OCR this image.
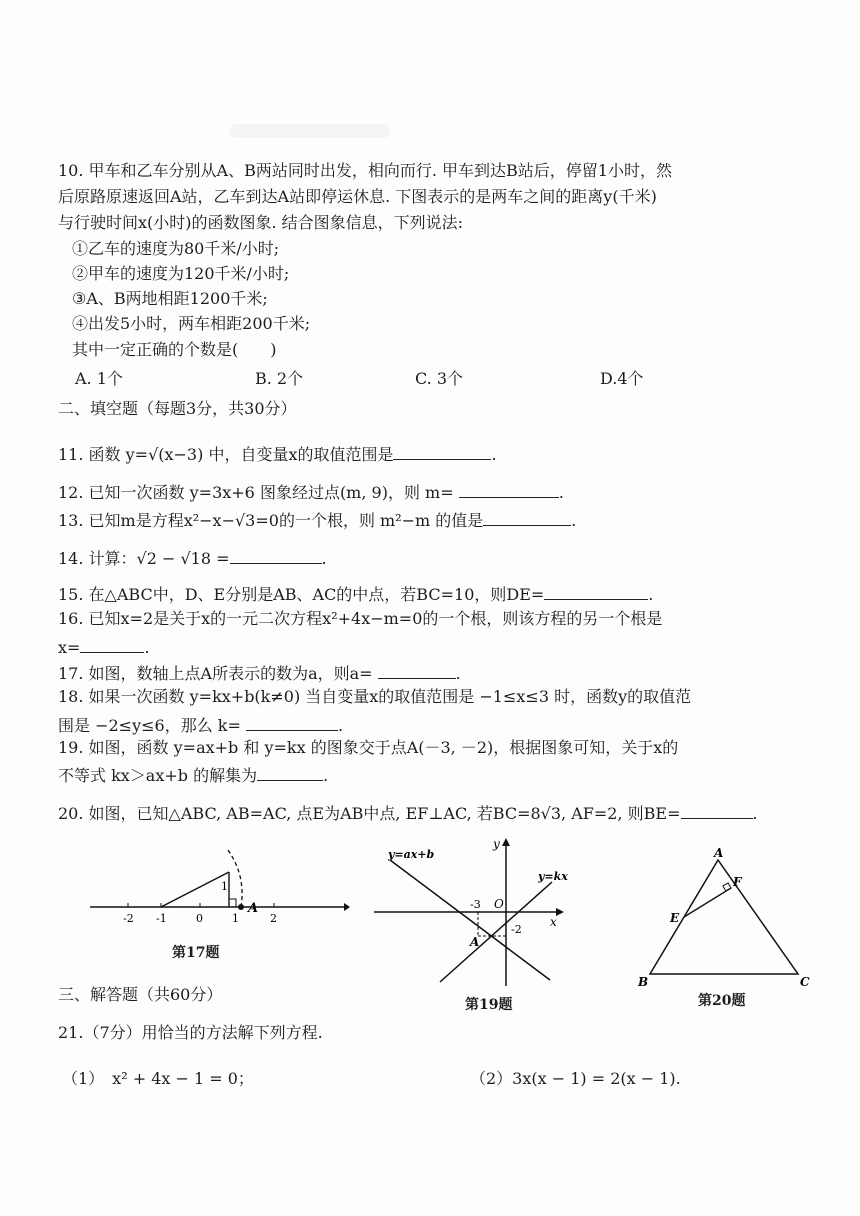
10. 甲车和乙车分别从A、B两站同时出发，相向而行. 甲车到达B站后，停留1小时，然
后原路原速返回A站，乙车到达A站即停运休息. 下图表示的是两车之间的距离y(千米)
与行驶时间x(小时)的函数图象. 结合图象信息，下列说法:
①乙车的速度为80千米/小时;
②甲车的速度为120千米/小时;
③A、B两地相距1200千米;
④出发5小时，两车相距200千米;
其中一定正确的个数是(　　)
A. 1个	B. 2个	C. 3个	D.4个
二、填空题（每题3分，共30分）
11. 函数 y=√(x−3) 中，自变量x的取值范围是	.
12. 已知一次函数 y=3x+6 图象经过点(m, 9)，则 m=	.
13. 已知m是方程x²−x−√3=0的一个根，则 m²−m 的值是	.
14. 计算：√2 − √18 =	.
15. 在△ABC中，D、E分别是AB、AC的中点，若BC=10，则DE=	.
16. 已知x=2是关于x的一元二次方程x²+4x−m=0的一个根，则该方程的另一个根是
x=	.
17. 如图，数轴上点A所表示的数为a，则a=	.
18. 如果一次函数 y=kx+b(k≠0) 当自变量x的取值范围是 −1≤x≤3 时，函数y的取值范
围是 −2≤y≤6，那么 k=	.
19. 如图，函数 y=ax+b 和 y=kx 的图象交于点A(－3, －2)，根据图象可知，关于x的
不等式 kx＞ax+b 的解集为	.
20. 如图，已知△ABC, AB=AC, 点E为AB中点, EF⊥AC, 若BC=8√3, AF=2, 则BE=	.
-2 -1	0	1	2
1
A
第17题
y=ax+b
y=kx
y
x
O
-3
-2
A
第19题
A
B	C
E
F
第20题
三、解答题（共60分）
21.（7分）用恰当的方法解下列方程.
（1）　x² + 4x − 1 = 0；	（2）3x(x − 1) = 2(x − 1).
